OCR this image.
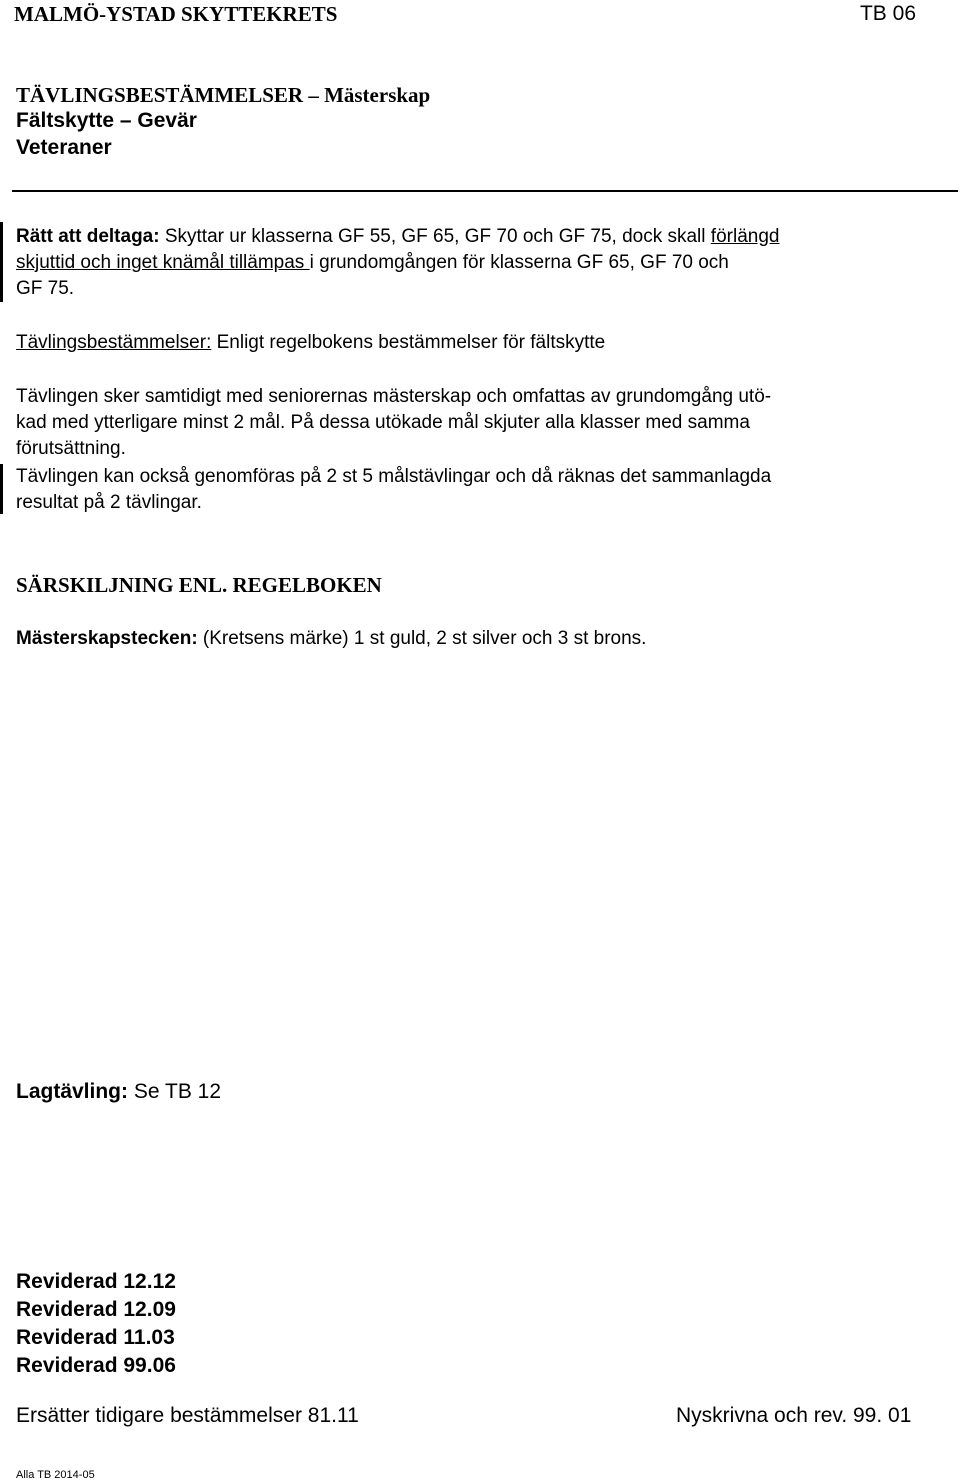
MALMÖ-YSTAD SKYTTEKRETS	TB 06
TÄVLINGSBESTÄMMELSER – Mästerskap
Fältskytte – Gevär
Veteraner
Rätt att deltaga: Skyttar ur klasserna GF 55, GF 65, GF 70 och GF 75, dock skall förlängd
skjuttid och inget knämål tillämpas i grundomgången för klasserna GF 65, GF 70 och
GF 75.
Tävlingsbestämmelser: Enligt regelbokens bestämmelser för fältskytte
Tävlingen sker samtidigt med seniorernas mästerskap och omfattas av grundomgång utö-
kad med ytterligare minst 2 mål. På dessa utökade mål skjuter alla klasser med samma
förutsättning.
Tävlingen kan också genomföras på 2 st 5 målstävlingar och då räknas det sammanlagda
resultat på 2 tävlingar.
SÄRSKILJNING ENL. REGELBOKEN
Mästerskapstecken: (Kretsens märke) 1 st guld, 2 st silver och 3 st brons.
Lagtävling: Se TB 12
Reviderad 12.12
Reviderad 12.09
Reviderad 11.03
Reviderad 99.06
Ersätter tidigare bestämmelser 81.11	Nyskrivna och rev. 99. 01
Alla TB 2014-05
